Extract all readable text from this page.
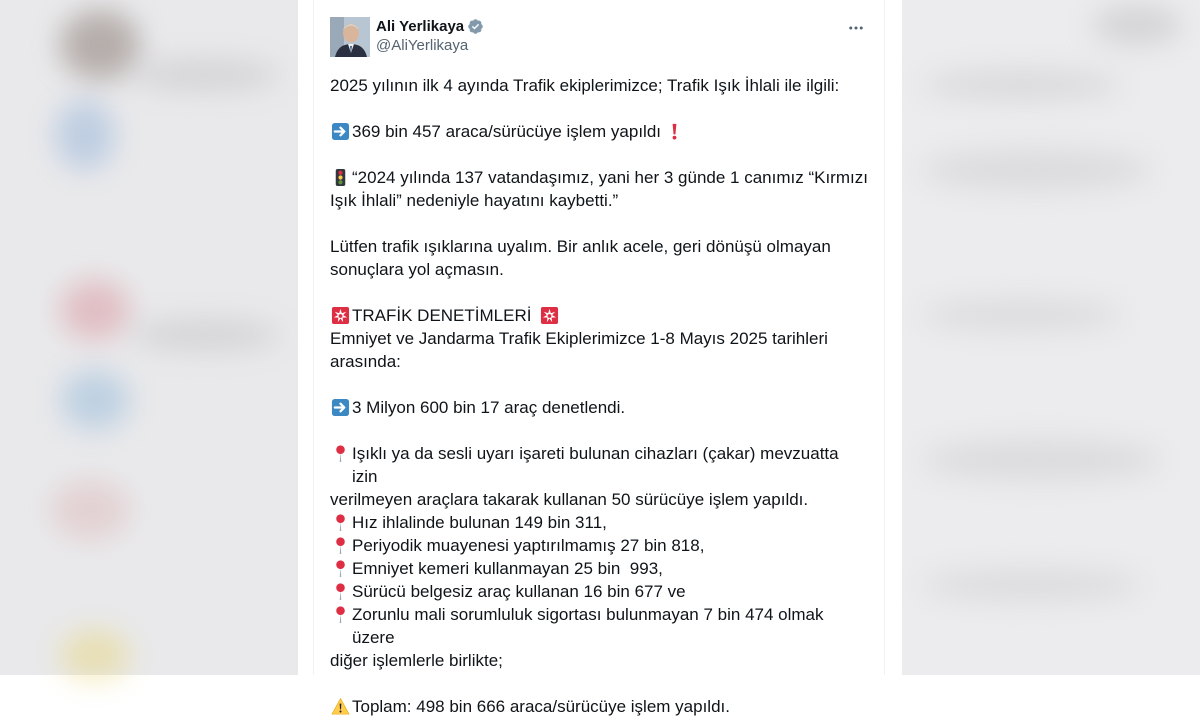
Ali Yerlikaya
@AliYerlikaya
2025 yılının ilk 4 ayında Trafik ekiplerimizce; Trafik Işık İhlali ile ilgili:
369 bin 457 araca/sürücüye işlem yapıldı
“2024 yılında 137 vatandaşımız, yani her 3 günde 1 canımız “Kırmızı
Işık İhlali” nedeniyle hayatını kaybetti.”
Lütfen trafik ışıklarına uyalım. Bir anlık acele, geri dönüşü olmayan
sonuçlara yol açmasın.
TRAFİK DENETİMLERİ
Emniyet ve Jandarma Trafik Ekiplerimizce 1-8 Mayıs 2025 tarihleri
arasında:
3 Milyon 600 bin 17 araç denetlendi.
Işıklı ya da sesli uyarı işareti bulunan cihazları (çakar) mevzuatta izin
verilmeyen araçlara takarak kullanan 50 sürücüye işlem yapıldı.
Hız ihlalinde bulunan 149 bin 311,
Periyodik muayenesi yaptırılmamış 27 bin 818,
Emniyet kemeri kullanmayan 25 bin  993,
Sürücü belgesiz araç kullanan 16 bin 677 ve
Zorunlu mali sorumluluk sigortası bulunmayan 7 bin 474 olmak üzere
diğer işlemlerle birlikte;
Toplam: 498 bin 666 araca/sürücüye işlem yapıldı.
